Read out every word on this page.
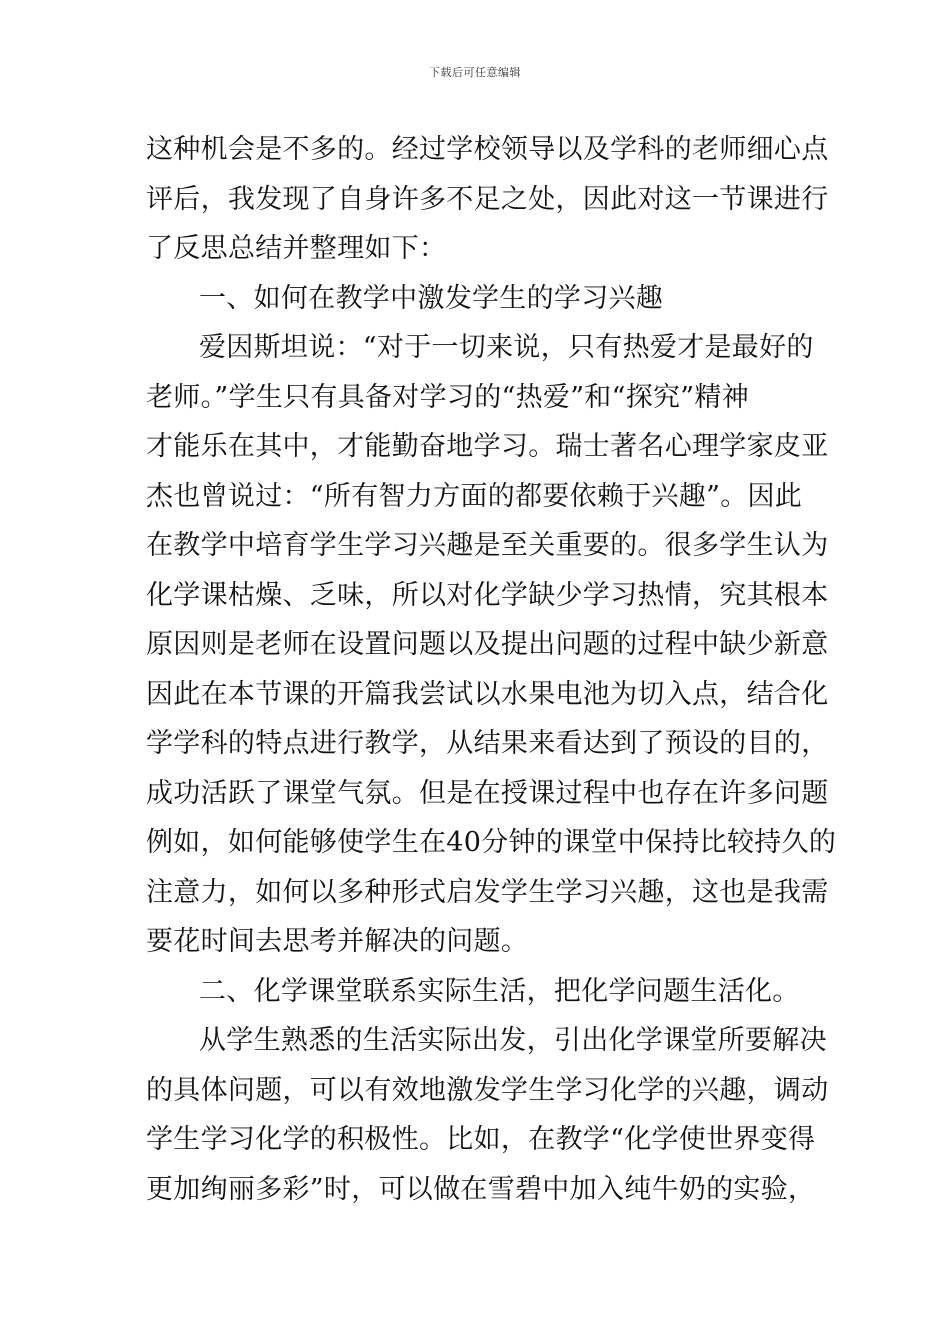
下载后可任意编辑
这种机会是不多的。经过学校领导以及学科的老师细心点
评后，我发现了自身许多不足之处，因此对这一节课进行
了反思总结并整理如下：
一、如何在教学中激发学生的学习兴趣
爱因斯坦说：“对于一切来说，只有热爱才是最好的
老师。”学生只有具备对学习的“热爱”和“探究”精神
才能乐在其中，才能勤奋地学习。瑞士著名心理学家皮亚
杰也曾说过：“所有智力方面的都要依赖于兴趣”。因此
在教学中培育学生学习兴趣是至关重要的。很多学生认为
化学课枯燥、乏味，所以对化学缺少学习热情，究其根本
原因则是老师在设置问题以及提出问题的过程中缺少新意
因此在本节课的开篇我尝试以水果电池为切入点，结合化
学学科的特点进行教学，从结果来看达到了预设的目的，
成功活跃了课堂气氛。但是在授课过程中也存在许多问题
例如，如何能够使学生在40分钟的课堂中保持比较持久的
注意力，如何以多种形式启发学生学习兴趣，这也是我需
要花时间去思考并解决的问题。
二、化学课堂联系实际生活，把化学问题生活化。
从学生熟悉的生活实际出发，引出化学课堂所要解决
的具体问题，可以有效地激发学生学习化学的兴趣，调动
学生学习化学的积极性。比如，在教学“化学使世界变得
更加绚丽多彩”时，可以做在雪碧中加入纯牛奶的实验，
